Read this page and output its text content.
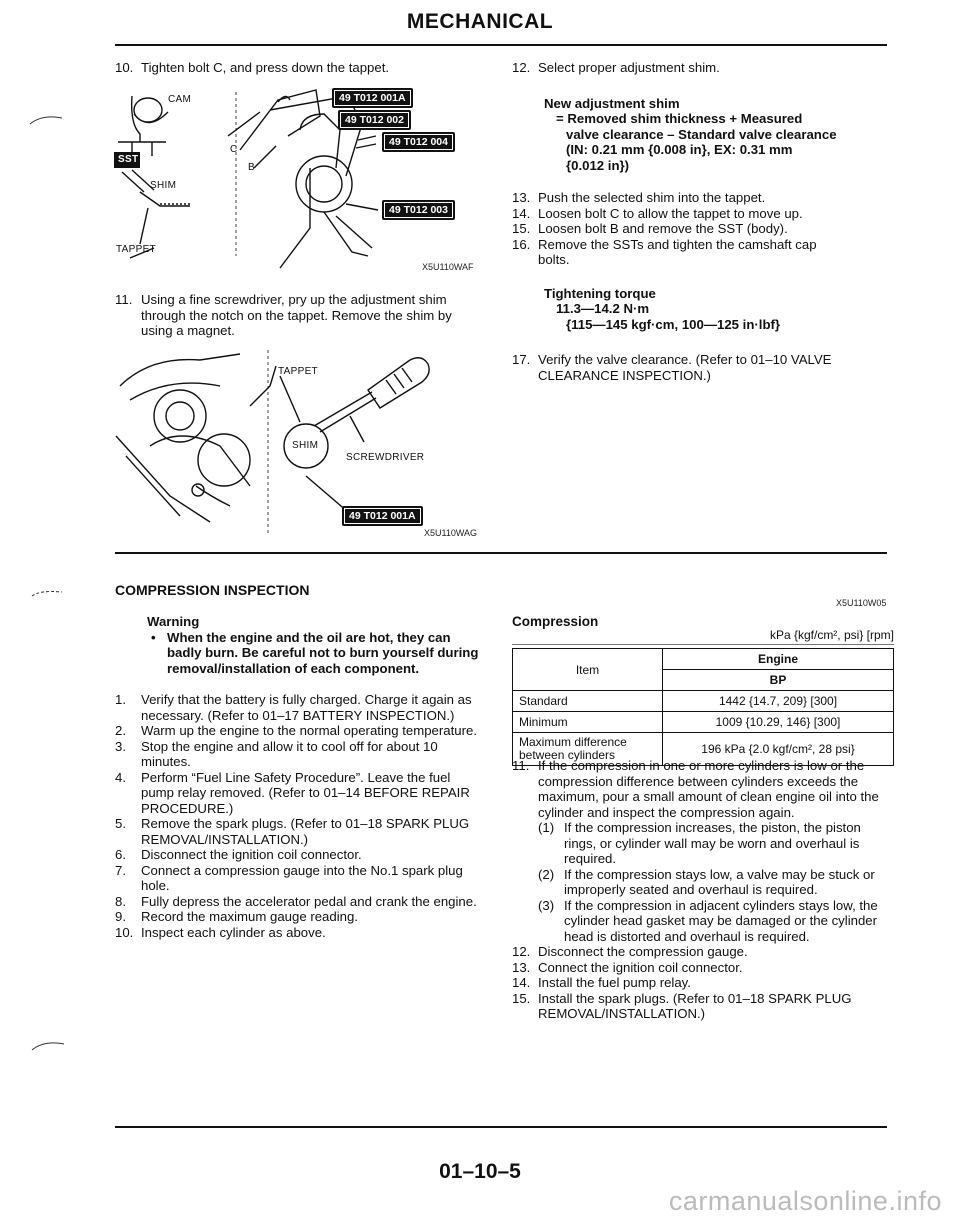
MECHANICAL
10. Tighten bolt C, and press down the tappet.
CAM
SST
SHIM
TAPPET
C
B
49 T012 001A
49 T012 002
49 T012 004
49 T012 003
X5U110WAF
11. Using a fine screwdriver, pry up the adjustment shim through the notch on the tappet. Remove the shim by using a magnet.
TAPPET
SHIM
SCREWDRIVER
49 T012 001A
X5U110WAG
12. Select proper adjustment shim.
New adjustment shim
= Removed shim thickness + Measured
valve clearance – Standard valve clearance
(IN: 0.21 mm {0.008 in}, EX: 0.31 mm
{0.012 in})
13. Push the selected shim into the tappet.
14. Loosen bolt C to allow the tappet to move up.
15. Loosen bolt B and remove the SST (body).
16. Remove the SSTs and tighten the camshaft cap bolts.
Tightening torque
11.3—14.2 N·m
{115—145 kgf·cm, 100—125 in·lbf}
17. Verify the valve clearance. (Refer to 01–10 VALVE CLEARANCE INSPECTION.)
COMPRESSION INSPECTION
Warning
• When the engine and the oil are hot, they can badly burn. Be careful not to burn yourself during removal/installation of each component.
1. Verify that the battery is fully charged. Charge it again as necessary. (Refer to 01–17 BATTERY INSPECTION.)
2. Warm up the engine to the normal operating temperature.
3. Stop the engine and allow it to cool off for about 10 minutes.
4. Perform “Fuel Line Safety Procedure”. Leave the fuel pump relay removed. (Refer to 01–14 BEFORE REPAIR PROCEDURE.)
5. Remove the spark plugs. (Refer to 01–18 SPARK PLUG REMOVAL/INSTALLATION.)
6. Disconnect the ignition coil connector.
7. Connect a compression gauge into the No.1 spark plug hole.
8. Fully depress the accelerator pedal and crank the engine.
9. Record the maximum gauge reading.
10. Inspect each cylinder as above.
X5U110W05
Compression
kPa {kgf/cm², psi} [rpm]
Item	Engine
	BP
Standard	1442 {14.7, 209} [300]
Minimum	1009 {10.29, 146} [300]

Maximum difference
between cylinders	196 kPa {2.0 kgf/cm², 28 psi}
11. If the compression in one or more cylinders is low or the compression difference between cylinders exceeds the maximum, pour a small amount of clean engine oil into the cylinder and inspect the compression again.
(1) If the compression increases, the piston, the piston rings, or cylinder wall may be worn and overhaul is required.
(2) If the compression stays low, a valve may be stuck or improperly seated and overhaul is required.
(3) If the compression in adjacent cylinders stays low, the cylinder head gasket may be damaged or the cylinder head is distorted and overhaul is required.
12. Disconnect the compression gauge.
13. Connect the ignition coil connector.
14. Install the fuel pump relay.
15. Install the spark plugs. (Refer to 01–18 SPARK PLUG REMOVAL/INSTALLATION.)
01–10–5
carmanualsonline.info
